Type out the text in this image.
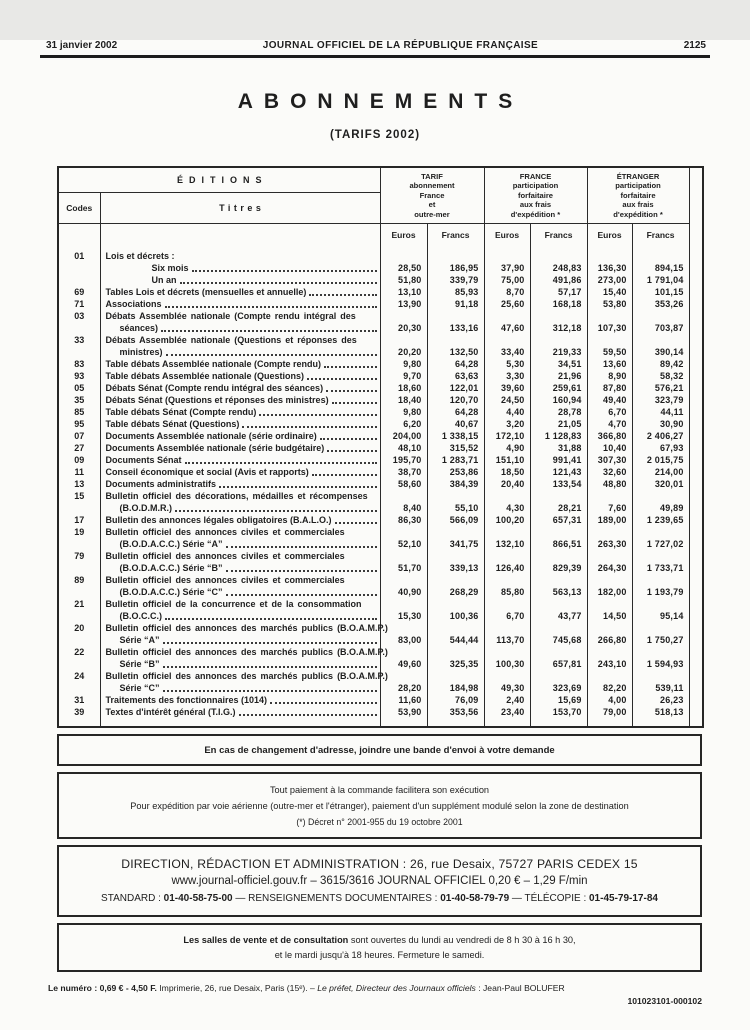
31 janvier 2002	JOURNAL OFFICIEL DE LA RÉPUBLIQUE FRANÇAISE	2125
ABONNEMENTS
(TARIFS 2002)
ÉDITIONS	TARIF
abonnement
France
et
outre-mer

FRANCE
participation
forfaitaire
aux frais
d'expédition *

ÉTRANGER
participation
forfaitaire
aux frais
d'expédition *

Codes	Titres							
		Euros	Francs	Euros	Francs	Euros	Francs	

01	Lois et décrets :							

	Six mois	28,50	186,95	37,90	248,83	136,30	894,15	

	Un an	51,80	339,79	75,00	491,86	273,00	1 791,04	
69	Tables Lois et décrets (mensuelles et annuelle)	13,10	85,93	8,70	57,17	15,40	101,15	
71	Associations	13,90	91,18	25,60	168,18	53,80	353,26	
03	Débats Assemblée nationale (Compte rendu intégral des
séances)	20,30	133,16	47,60	312,18	107,30	703,87	
33	Débats Assemblée nationale (Questions et réponses des
ministres)	20,20	132,50	33,40	219,33	59,50	390,14	
83	Table débats Assemblée nationale (Compte rendu)	9,80	64,28	5,30	34,51	13,60	89,42	
93	Table débats Assemblée nationale (Questions)	9,70	63,63	3,30	21,96	8,90	58,32	
05	Débats Sénat (Compte rendu intégral des séances)	18,60	122,01	39,60	259,61	87,80	576,21	
35	Débats Sénat (Questions et réponses des ministres)	18,40	120,70	24,50	160,94	49,40	323,79	
85	Table débats Sénat (Compte rendu)	9,80	64,28	4,40	28,78	6,70	44,11	
95	Table débats Sénat (Questions)	6,20	40,67	3,20	21,05	4,70	30,90	
07	Documents Assemblée nationale (série ordinaire)	204,00	1 338,15	172,10	1 128,83	366,80	2 406,27	
27	Documents Assemblée nationale (série budgétaire)	48,10	315,52	4,90	31,88	10,40	67,93	
09	Documents Sénat	195,70	1 283,71	151,10	991,41	307,30	2 015,75	
11	Conseil économique et social (Avis et rapports)	38,70	253,86	18,50	121,43	32,60	214,00	
13	Documents administratifs	58,60	384,39	20,40	133,54	48,80	320,01	
15	Bulletin officiel des décorations, médailles et récompenses
(B.O.D.M.R.)	8,40	55,10	4,30	28,21	7,60	49,89	
17	Bulletin des annonces légales obligatoires (B.A.L.O.)	86,30	566,09	100,20	657,31	189,00	1 239,65	
19	Bulletin officiel des annonces civiles et commerciales
(B.O.D.A.C.C.) Série “A”	52,10	341,75	132,10	866,51	263,30	1 727,02	
79	Bulletin officiel des annonces civiles et commerciales
(B.O.D.A.C.C.) Série “B”	51,70	339,13	126,40	829,39	264,30	1 733,71	
89	Bulletin officiel des annonces civiles et commerciales
(B.O.D.A.C.C.) Série “C”	40,90	268,29	85,80	563,13	182,00	1 193,79	
21	Bulletin officiel de la concurrence et de la consommation
(B.O.C.C.)	15,30	100,36	6,70	43,77	14,50	95,14	
20	Bulletin officiel des annonces des marchés publics (B.O.A.M.P.)
Série “A”	83,00	544,44	113,70	745,68	266,80	1 750,27	
22	Bulletin officiel des annonces des marchés publics (B.O.A.M.P.)
Série “B”	49,60	325,35	100,30	657,81	243,10	1 594,93	
24	Bulletin officiel des annonces des marchés publics (B.O.A.M.P.)
Série “C”	28,20	184,98	49,30	323,69	82,20	539,11	
31	Traitements des fonctionnaires (1014)	11,60	76,09	2,40	15,69	4,00	26,23	
39	Textes d'intérêt général (T.I.G.)	53,90	353,56	23,40	153,70	79,00	518,13	

En cas de changement d'adresse, joindre une bande d'envoi à votre demande
Tout paiement à la commande facilitera son exécution
Pour expédition par voie aérienne (outre-mer et l'étranger), paiement d'un supplément modulé selon la zone de destination
(*) Décret n° 2001-955 du 19 octobre 2001
DIRECTION, RÉDACTION ET ADMINISTRATION : 26, rue Desaix, 75727 PARIS CEDEX 15
www.journal-officiel.gouv.fr – 3615/3616 JOURNAL OFFICIEL 0,20 € – 1,29 F/min
STANDARD : 01-40-58-75-00 — RENSEIGNEMENTS DOCUMENTAIRES : 01-40-58-79-79 — TÉLÉCOPIE : 01-45-79-17-84
Les salles de vente et de consultation sont ouvertes du lundi au vendredi de 8 h 30 à 16 h 30,
et le mardi jusqu'à 18 heures. Fermeture le samedi.
Le numéro : 0,69 € - 4,50 F. Imprimerie, 26, rue Desaix, Paris (15ᵉ). – Le préfet, Directeur des Journaux officiels : Jean-Paul BOLUFER
101023101-000102
